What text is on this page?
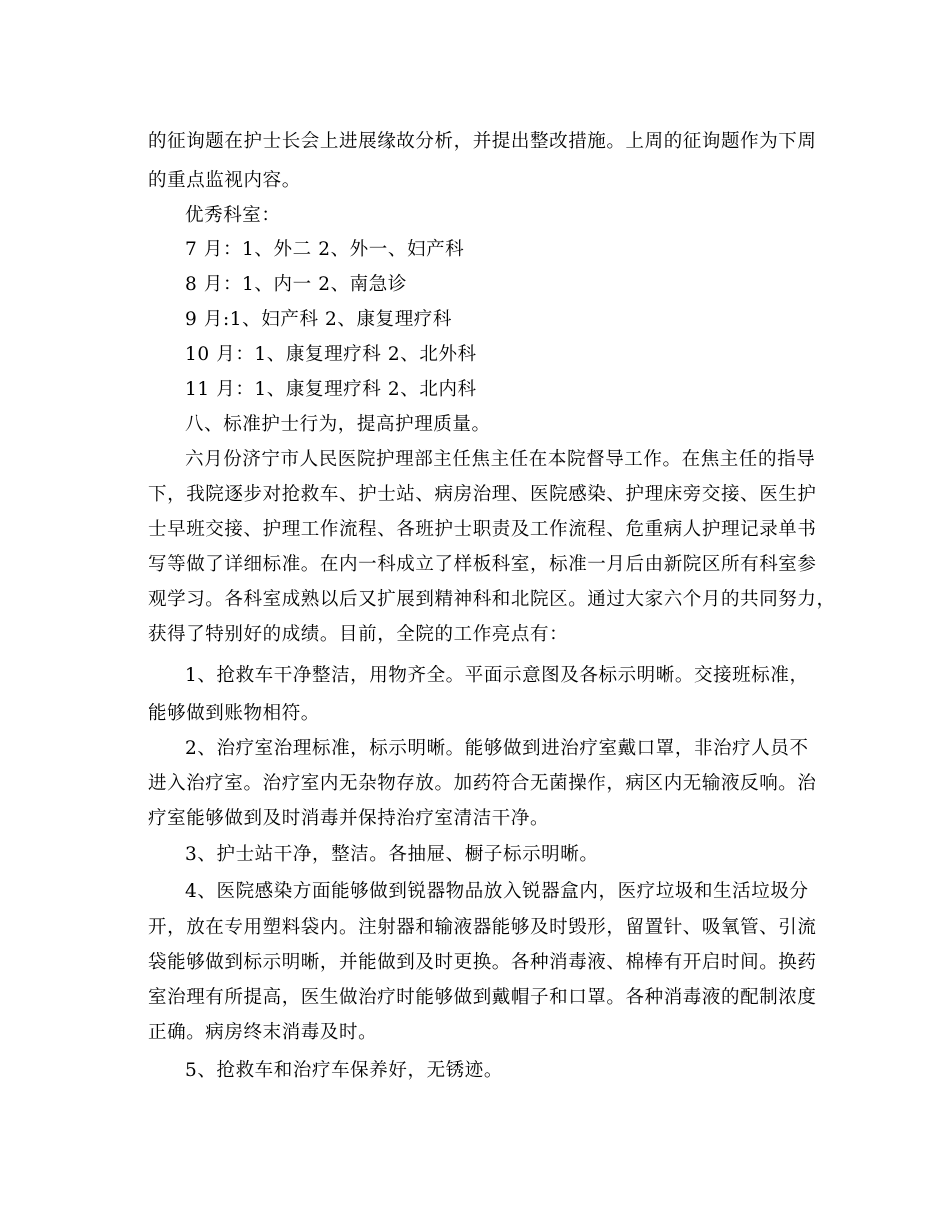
的征询题在护士长会上进展缘故分析，并提出整改措施。上周的征询题作为下周
的重点监视内容。
优秀科室：
7 月：1、外二 2、外一、妇产科
8 月：1、内一 2、南急诊
9 月:1、妇产科 2、康复理疗科
10 月：1、康复理疗科 2、北外科
11 月：1、康复理疗科 2、北内科
八、标准护士行为，提高护理质量。
六月份济宁市人民医院护理部主任焦主任在本院督导工作。在焦主任的指导
下，我院逐步对抢救车、护士站、病房治理、医院感染、护理床旁交接、医生护
士早班交接、护理工作流程、各班护士职责及工作流程、危重病人护理记录单书
写等做了详细标准。在内一科成立了样板科室，标准一月后由新院区所有科室参
观学习。各科室成熟以后又扩展到精神科和北院区。通过大家六个月的共同努力，
获得了特别好的成绩。目前，全院的工作亮点有：
1、抢救车干净整洁，用物齐全。平面示意图及各标示明晰。交接班标准，
能够做到账物相符。
2、治疗室治理标准，标示明晰。能够做到进治疗室戴口罩，非治疗人员不
进入治疗室。治疗室内无杂物存放。加药符合无菌操作，病区内无输液反响。治
疗室能够做到及时消毒并保持治疗室清洁干净。
3、护士站干净，整洁。各抽屉、橱子标示明晰。
4、医院感染方面能够做到锐器物品放入锐器盒内，医疗垃圾和生活垃圾分
开，放在专用塑料袋内。注射器和输液器能够及时毁形，留置针、吸氧管、引流
袋能够做到标示明晰，并能做到及时更换。各种消毒液、棉棒有开启时间。换药
室治理有所提高，医生做治疗时能够做到戴帽子和口罩。各种消毒液的配制浓度
正确。病房终末消毒及时。
5、抢救车和治疗车保养好，无锈迹。
